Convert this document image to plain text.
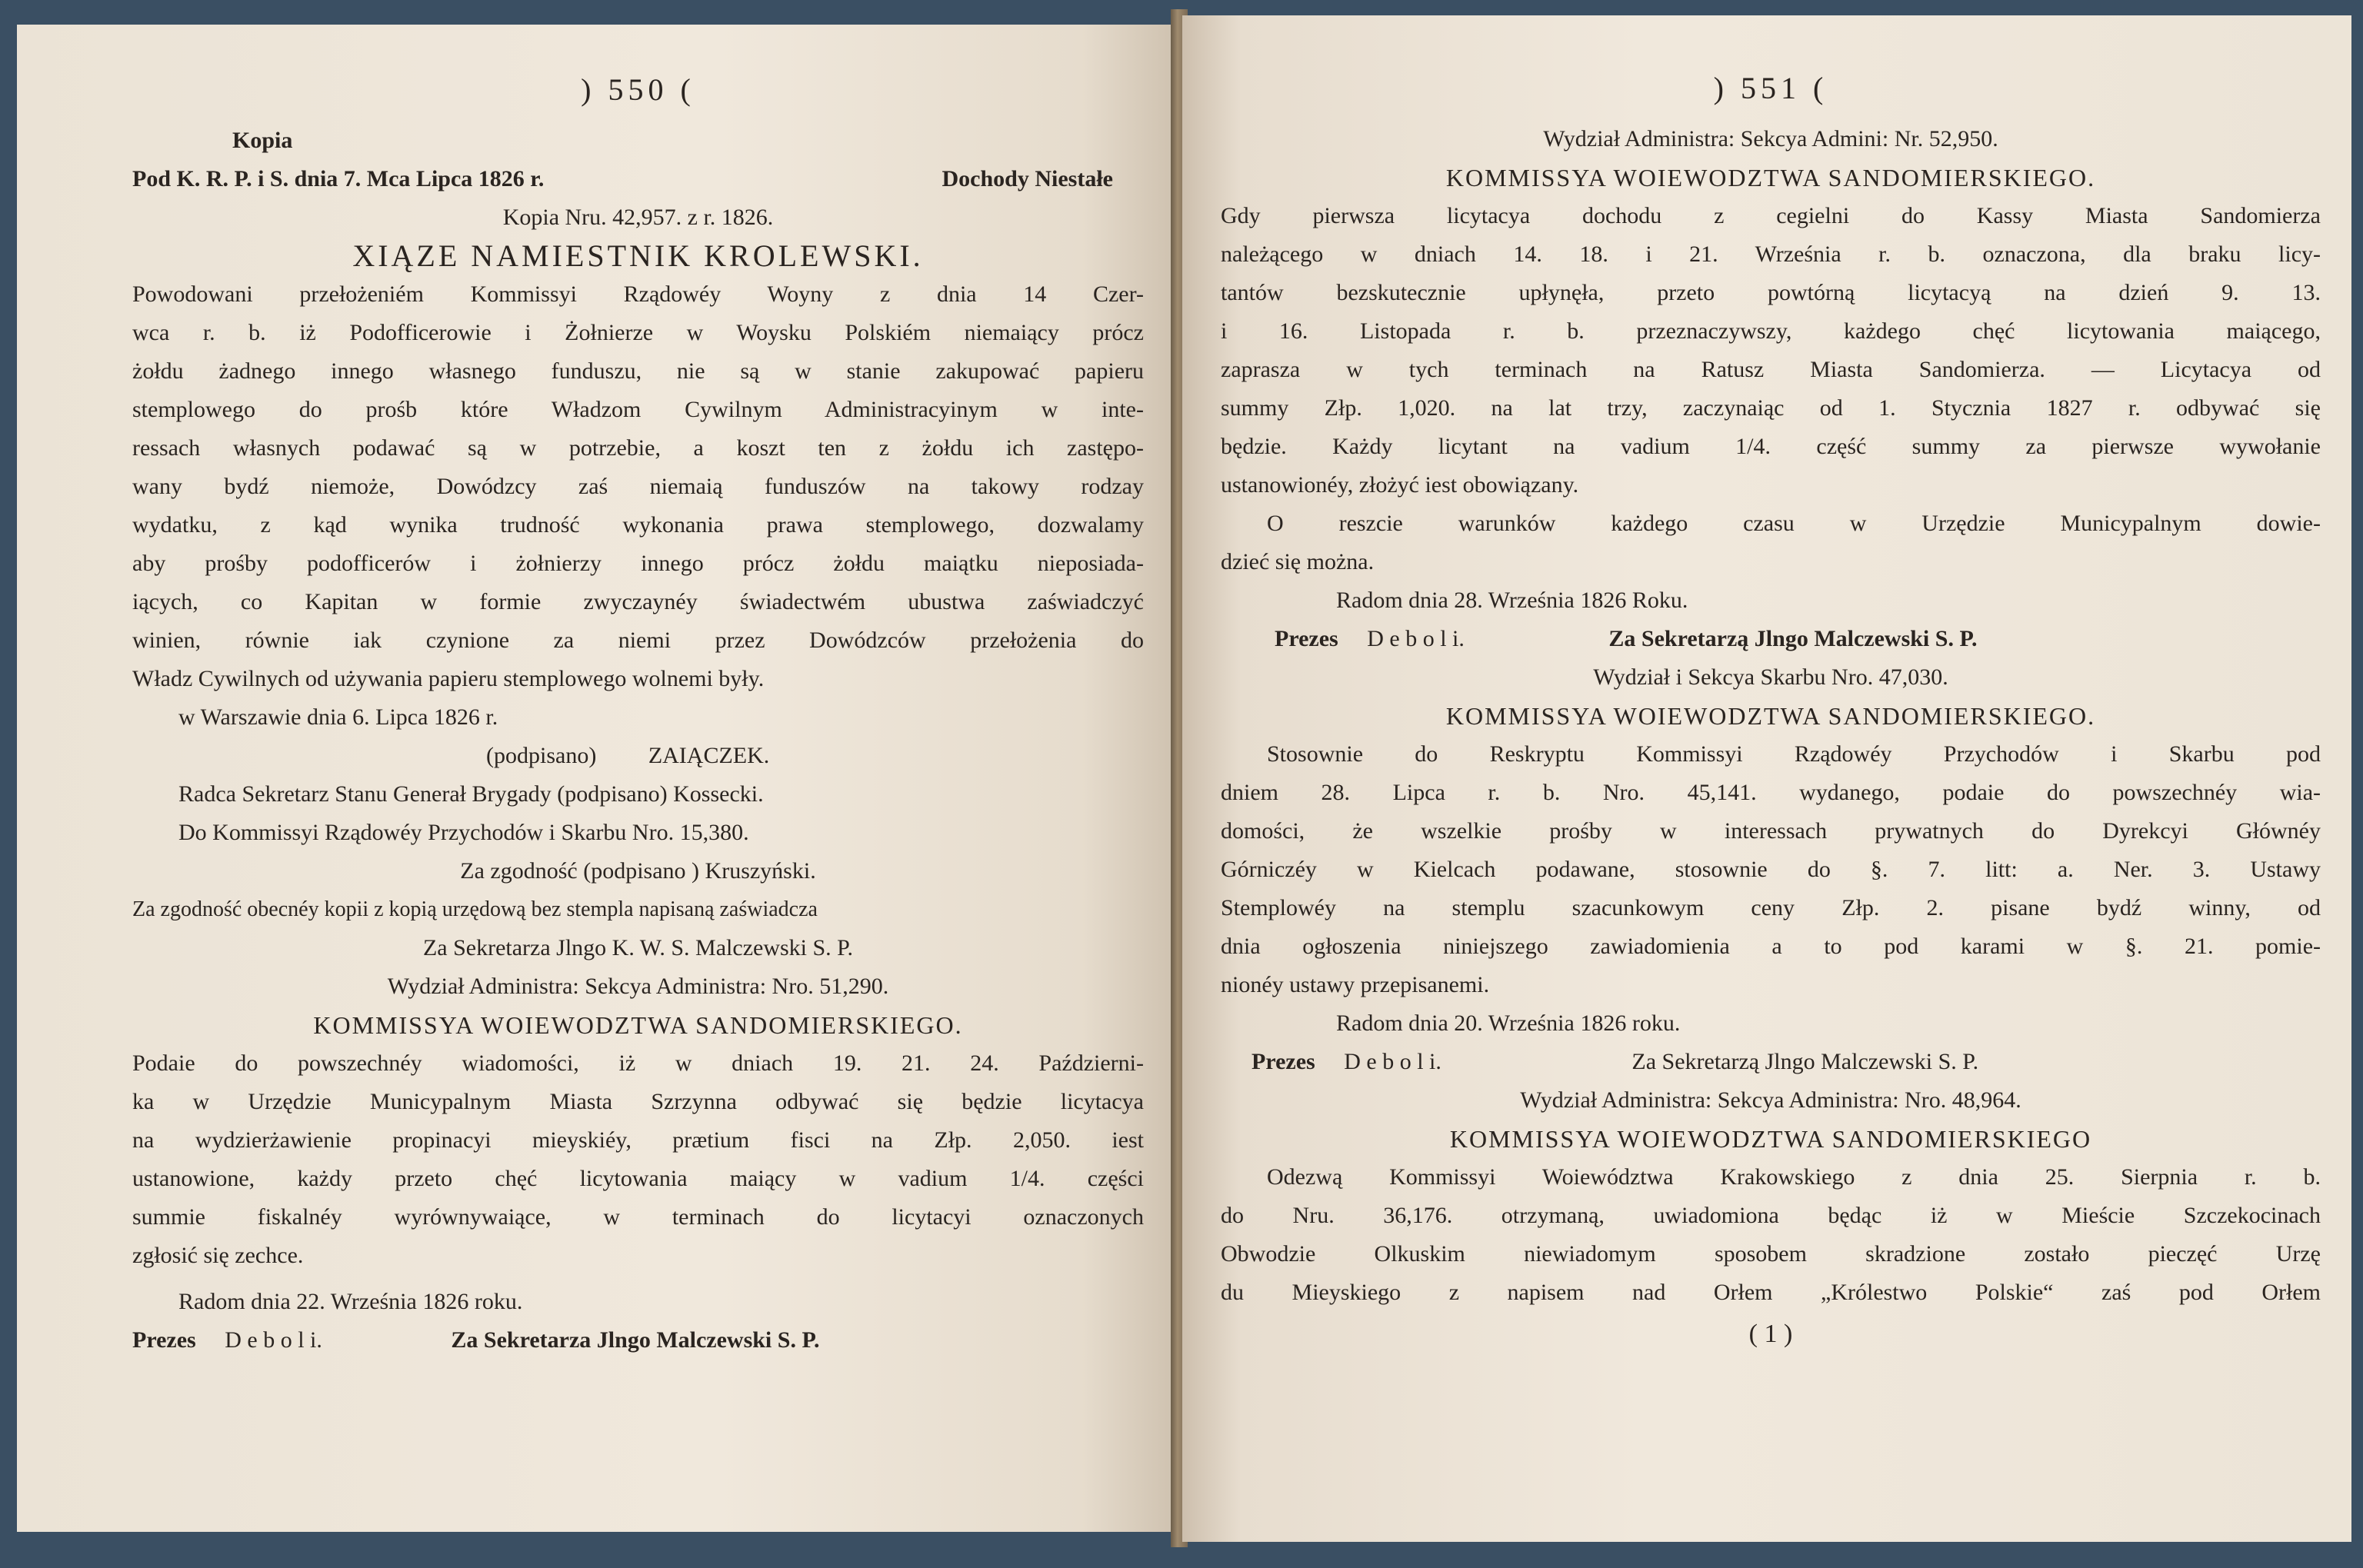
) 550 (
Kopia
Pod K. R. P. i S. dnia 7. Mca Lipca 1826 r.	Dochody Niestałe
Kopia Nru. 42,957. z r. 1826.
XIĄZE NAMIESTNIK KROLEWSKI.
Powodowani przełożeniém Kommissyi Rządowéy Woyny z dnia 14 Czer-
wca r. b. iż Podofficerowie i Żołnierze w Woysku Polskiém niemaiący prócz
żołdu żadnego innego własnego funduszu, nie są w stanie zakupować papieru
stemplowego do prośb które Władzom Cywilnym Administracyinym w inte-
ressach własnych podawać są w potrzebie, a koszt ten z żołdu ich zastępo-
wany bydź niemoże, Dowódzcy zaś niemaią funduszów na takowy rodzay
wydatku, z kąd wynika trudność wykonania prawa stemplowego, dozwalamy
aby prośby podofficerów i żołnierzy innego prócz żołdu maiątku nieposiada-
iących, co Kapitan w formie zwyczaynéy świadectwém ubustwa zaświadczyć
winien, równie iak czynione za niemi przez Dowódzców przełożenia do
Władz Cywilnych od używania papieru stemplowego wolnemi były.
w Warszawie dnia 6. Lipca 1826 r.
(podpisano) ZAIĄCZEK.
Radca Sekretarz Stanu Generał Brygady (podpisano) Kossecki.
Do Kommissyi Rządowéy Przychodów i Skarbu Nro. 15,380.
Za zgodność (podpisano ) Kruszyński.
Za zgodność obecnéy kopii z kopią urzędową bez stempla napisaną zaświadcza
Za Sekretarza Jlngo K. W. S. Malczewski S. P.
Wydział Administra: Sekcya Administra: Nro. 51,290.
KOMMISSYA WOIEWODZTWA SANDOMIERSKIEGO.
Podaie do powszechnéy wiadomości, iż w dniach 19. 21. 24. Październi-
ka w Urzędzie Municypalnym Miasta Szrzynna odbywać się będzie licytacya
na wydzierżawienie propinacyi mieyskiéy, prætium fisci na Złp. 2,050. iest
ustanowione, każdy przeto chęć licytowania maiący w vadium 1/4. części
summie fiskalnéy wyrównywaiące, w terminach do licytacyi oznaczonych
zgłosić się zechce.
Radom dnia 22. Września 1826 roku.
Prezes D e b o l i.	Za Sekretarza Jlngo Malczewski S. P.
) 551 (
Wydział Administra: Sekcya Admini: Nr. 52,950.
KOMMISSYA WOIEWODZTWA SANDOMIERSKIEGO.
Gdy pierwsza licytacya dochodu z cegielni do Kassy Miasta Sandomierza
należącego w dniach 14. 18. i 21. Września r. b. oznaczona, dla braku licy-
tantów bezskutecznie upłynęła, przeto powtórną licytacyą na dzień 9. 13.
i 16. Listopada r. b. przeznaczywszy, każdego chęć licytowania maiącego,
zaprasza w tych terminach na Ratusz Miasta Sandomierza. — Licytacya od
summy Złp. 1,020. na lat trzy, zaczynaiąc od 1. Stycznia 1827 r. odbywać się
będzie. Każdy licytant na vadium 1/4. część summy za pierwsze wywołanie
ustanowionéy, złożyć iest obowiązany.
O reszcie warunków każdego czasu w Urzędzie Municypalnym dowie-
dzieć się można.
Radom dnia 28. Września 1826 Roku.
Prezes D e b o l i.	Za Sekretarzą Jlngo Malczewski S. P.
Wydział i Sekcya Skarbu Nro. 47,030.
KOMMISSYA WOIEWODZTWA SANDOMIERSKIEGO.
Stosownie do Reskryptu Kommissyi Rządowéy Przychodów i Skarbu pod
dniem 28. Lipca r. b. Nro. 45,141. wydanego, podaie do powszechnéy wia-
domości, że wszelkie prośby w interessach prywatnych do Dyrekcyi Głównéy
Górniczéy w Kielcach podawane, stosownie do §. 7. litt: a. Ner. 3. Ustawy
Stemplowéy na stemplu szacunkowym ceny Złp. 2. pisane bydź winny, od
dnia ogłoszenia niniejszego zawiadomienia a to pod karami w §. 21. pomie-
nionéy ustawy przepisanemi.
Radom dnia 20. Września 1826 roku.
Prezes D e b o l i.	Za Sekretarzą Jlngo Malczewski S. P.
Wydział Administra: Sekcya Administra: Nro. 48,964.
KOMMISSYA WOIEWODZTWA SANDOMIERSKIEGO
Odezwą Kommissyi Woiewództwa Krakowskiego z dnia 25. Sierpnia r. b.
do Nru. 36,176. otrzymaną, uwiadomiona będąc iż w Mieście Szczekocinach
Obwodzie Olkuskim niewiadomym sposobem skradzione zostało pieczęć Urzę
du Mieyskiego z napisem nad Orłem „Królestwo Polskie“ zaś pod Orłem
( 1 )
